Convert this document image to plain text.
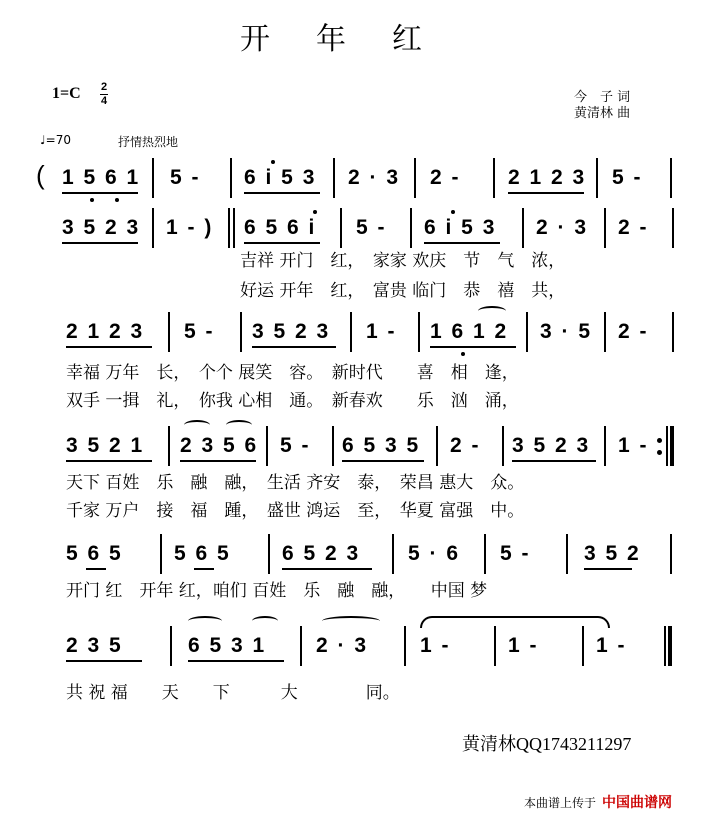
开年红
1=C 2
4	今　子 词
黄清林 曲
♩=70	抒情热烈地
( 1 5 6 1 5 - 6 i 5 3 2 · 3 2 - 2 1 2 3 5 -
3 5 2 3 1 - ) 6 5 6 i 5 - 6 i 5 3 2 · 3 2 -
吉祥 开门　红，　家家 欢庆　节　气　浓，
好运 开年　红，　富贵 临门　恭　禧　共，
2 1 2 3 5 - 3 5 2 3 1 - 1 6 1 2 3 · 5 2 -
幸福 万年　长，　个个 展笑　容。　新时代　　喜　相　逢，
双手 一揖　礼，　你我 心相　通。　新春欢　　乐　汹　涌，
3 5 2 1 2 3 5 6 5 - 6 5 3 5 2 - 3 5 2 3 1 -
天下 百姓　乐　融　融，　生活 齐安　泰，　荣昌 惠大　众。
千家 万户　接　福　踵，　盛世 鸿运　至，　华夏 富强　中。
5 6 5 5 6 5 6 5 2 3 5 · 6 5 -	3 5 2
开门 红　开年 红，咱们 百姓　乐　融　融，　　中国 梦
2 3 5	6 5 3 1 2 · 3 1 -	1 -	1 -
共 祝 福　　天　　下　　　大　　　　同。
黄清林QQ1743211297
本曲谱上传于 中国曲谱网
